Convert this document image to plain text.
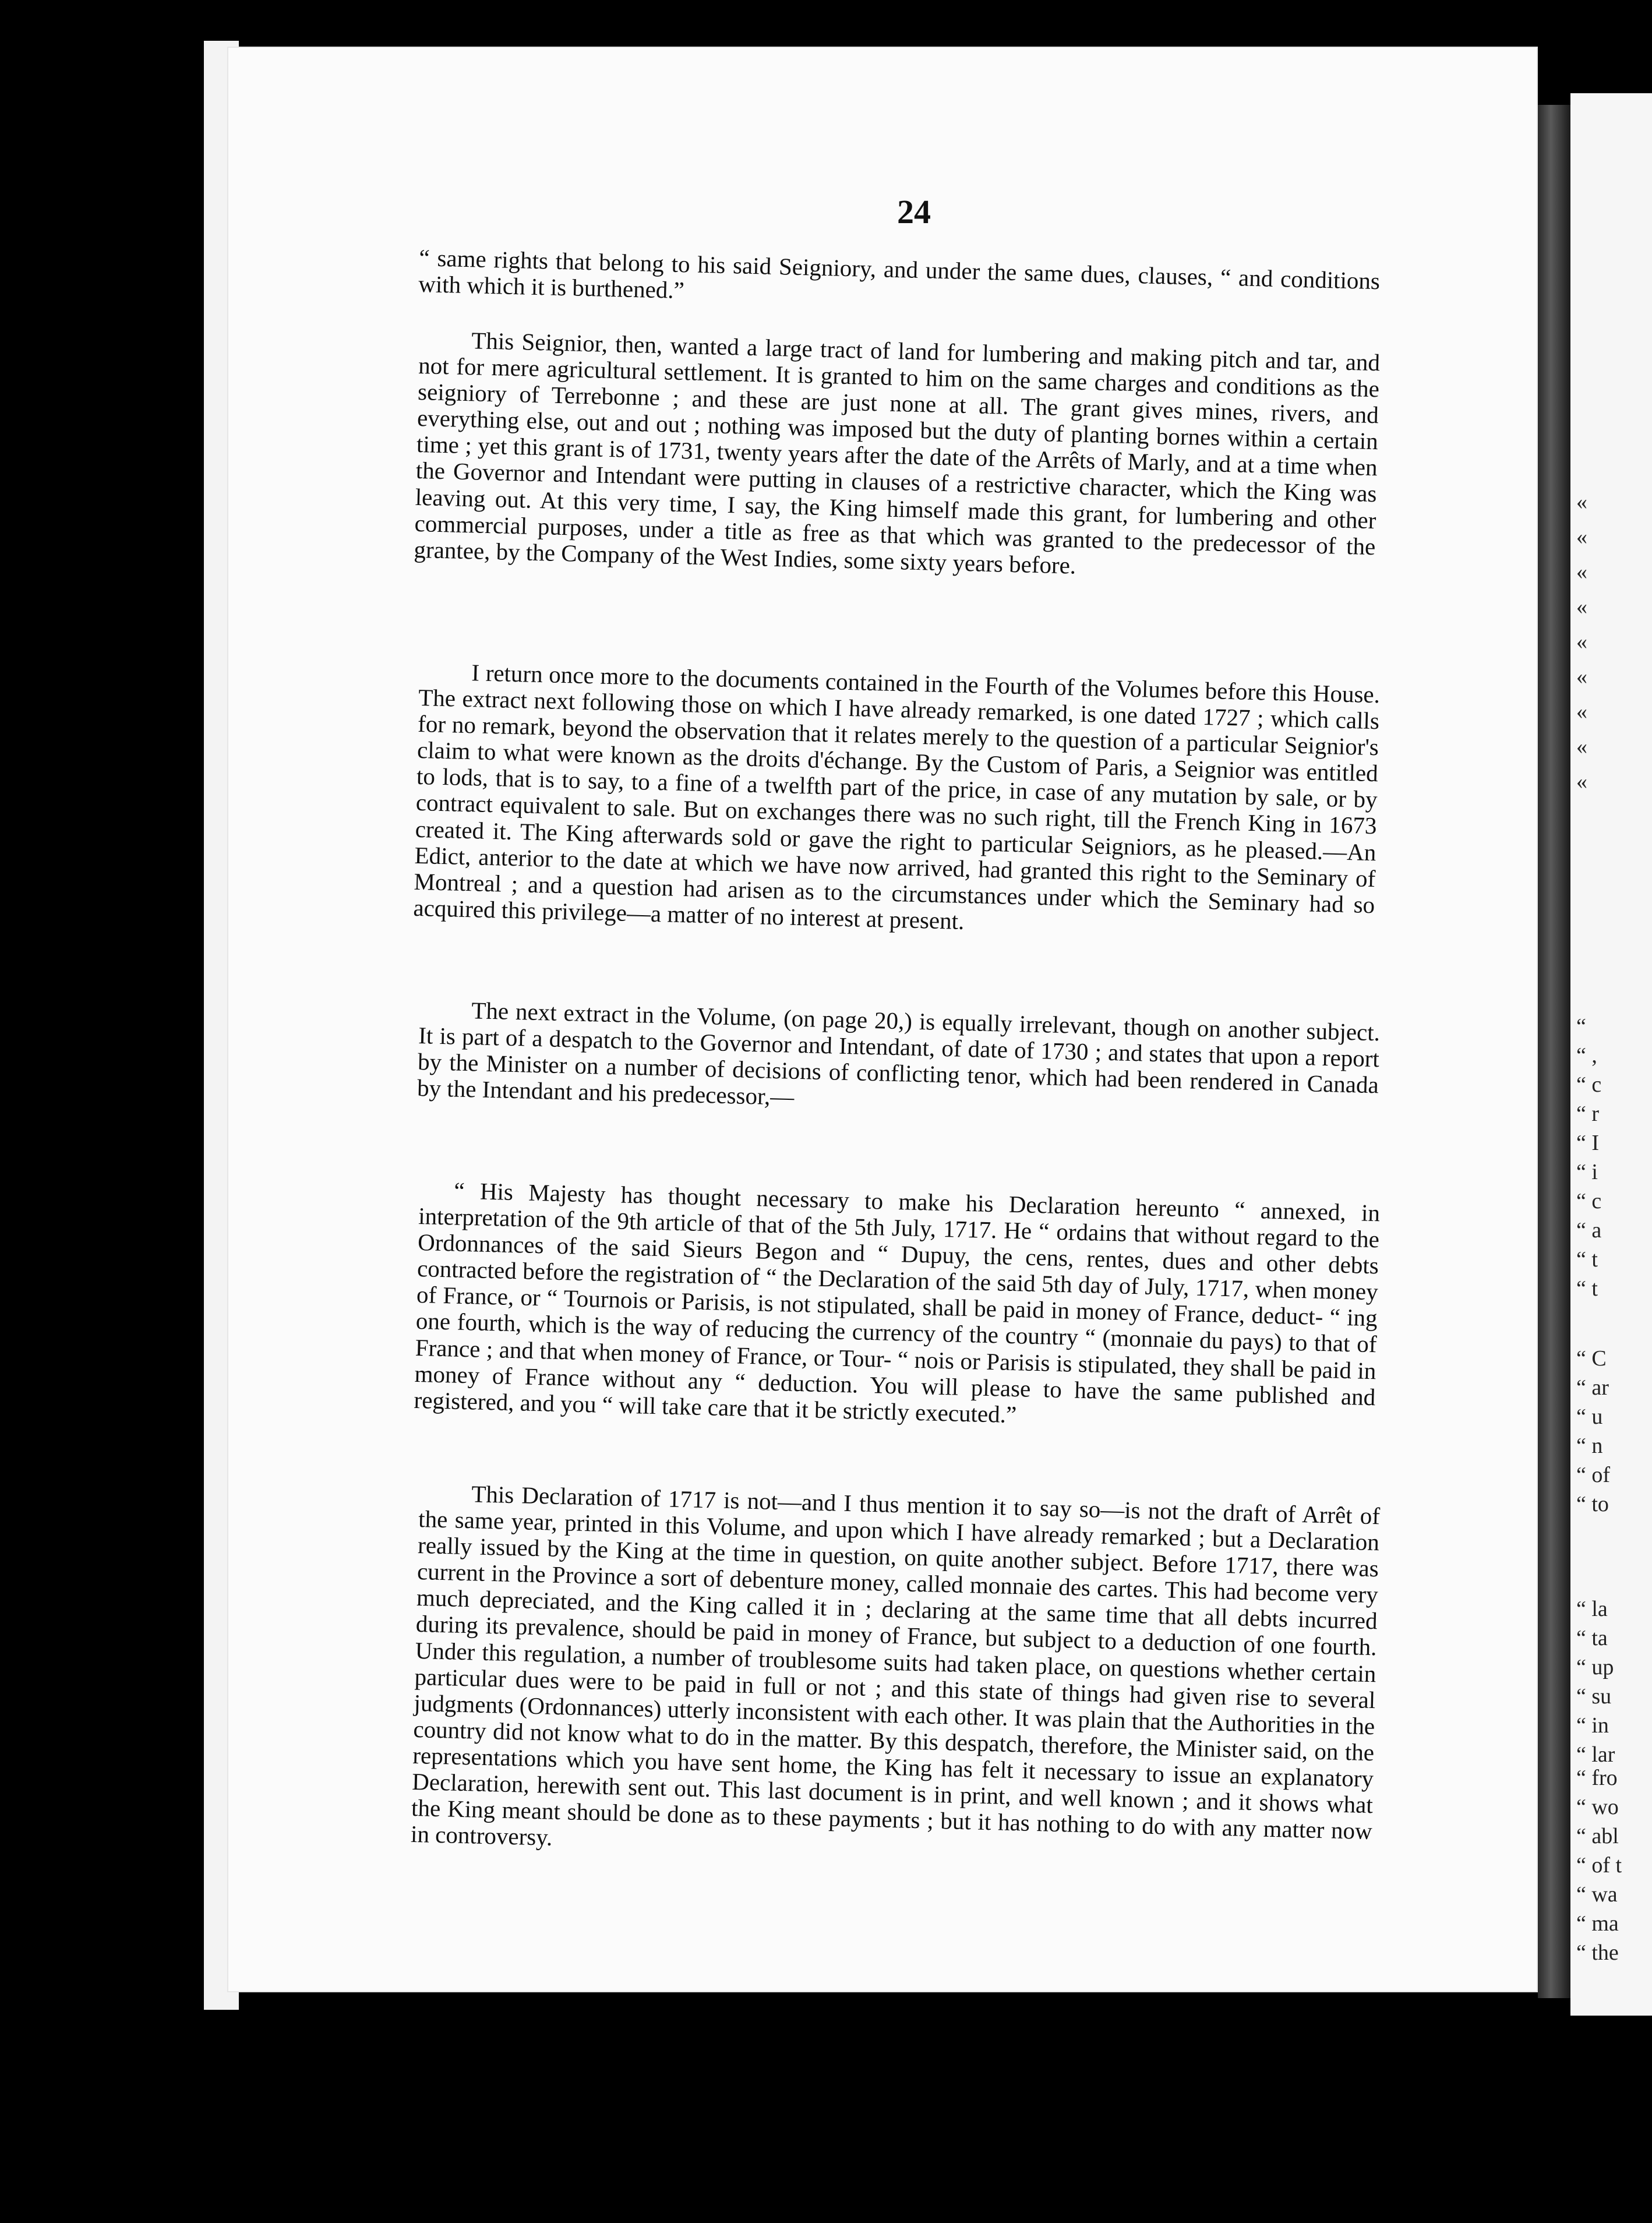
«
«
«
«
«
«
«
«
«
“
“ ,
“ c
“ r
“ I
“ i
“ c
“ a
“ t
“ t
“ C
“ ar
“ u
“ n
“ of
“ to
“ la
“ ta
“ up
“ su
“ in
“ lar
“ fro
“ wo
“ abl
“ of t
“ wa
“ ma
“ the
24

“ same rights that belong to his said Seigniory, and under the same dues, clauses, “ and conditions with which it is burthened.”

This Seignior, then, wanted a large tract of land for lumbering and making pitch and tar, and not for mere agricultural settlement. It is granted to him on the same charges and conditions as the seigniory of Terrebonne ; and these are just none at all. The grant gives mines, rivers, and everything else, out and out ; nothing was imposed but the duty of planting bornes within a certain time ; yet this grant is of 1731, twenty years after the date of the Arrêts of Marly, and at a time when the Governor and Intendant were putting in clauses of a restrictive character, which the King was leaving out. At this very time, I say, the King himself made this grant, for lumbering and other commercial purposes, under a title as free as that which was granted to the predecessor of the grantee, by the Company of the West Indies, some sixty years before.

I return once more to the documents contained in the Fourth of the Volumes before this House. The extract next following those on which I have already remarked, is one dated 1727 ; which calls for no remark, beyond the observation that it relates merely to the question of a particular Seignior's claim to what were known as the droits d'échange. By the Custom of Paris, a Seignior was entitled to lods, that is to say, to a fine of a twelfth part of the price, in case of any mutation by sale, or by contract equivalent to sale. But on exchanges there was no such right, till the French King in 1673 created it. The King afterwards sold or gave the right to particular Seigniors, as he pleased.—An Edict, anterior to the date at which we have now arrived, had granted this right to the Seminary of Montreal ; and a question had arisen as to the circumstances under which the Seminary had so acquired this privilege—a matter of no interest at present.

The next extract in the Volume, (on page 20,) is equally irrelevant, though on another subject. It is part of a despatch to the Governor and Intendant, of date of 1730 ; and states that upon a report by the Minister on a number of decisions of conflicting tenor, which had been rendered in Canada by the Intendant and his predecessor,—

“ His Majesty has thought necessary to make his Declaration hereunto “ annexed, in interpretation of the 9th article of that of the 5th July, 1717. He “ ordains that without regard to the Ordonnances of the said Sieurs Begon and “ Dupuy, the cens, rentes, dues and other debts contracted before the registration of “ the Declaration of the said 5th day of July, 1717, when money of France, or “ Tournois or Parisis, is not stipulated, shall be paid in money of France, deduct- “ ing one fourth, which is the way of reducing the currency of the country “ (monnaie du pays) to that of France ; and that when money of France, or Tour- “ nois or Parisis is stipulated, they shall be paid in money of France without any “ deduction. You will please to have the same published and registered, and you “ will take care that it be strictly executed.”

This Declaration of 1717 is not—and I thus mention it to say so—is not the draft of Arrêt of the same year, printed in this Volume, and upon which I have already remarked ; but a Declaration really issued by the King at the time in question, on quite another subject. Before 1717, there was current in the Province a sort of debenture money, called monnaie des cartes. This had become very much depreciated, and the King called it in ; declaring at the same time that all debts incurred during its prevalence, should be paid in money of France, but subject to a deduction of one fourth. Under this regulation, a number of troublesome suits had taken place, on questions whether certain particular dues were to be paid in full or not ; and this state of things had given rise to several judgments (Ordonnances) utterly inconsistent with each other. It was plain that the Authorities in the country did not know what to do in the matter. By this despatch, therefore, the Minister said, on the representations which you have sent home, the King has felt it necessary to issue an explanatory Declaration, herewith sent out. This last document is in print, and well known ; and it shows what the King meant should be done as to these payments ; but it has nothing to do with any matter now in controversy.
